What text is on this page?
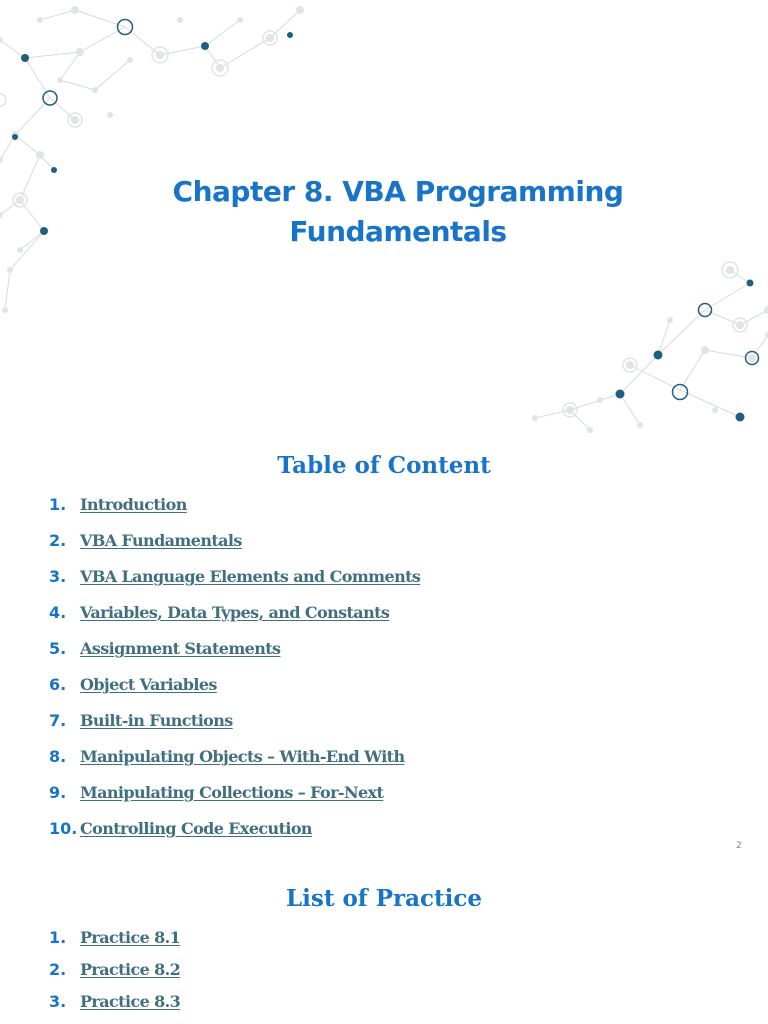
Chapter 8. VBA Programming Fundamentals
Table of Content
1. Introduction
2. VBA Fundamentals
3. VBA Language Elements and Comments
4. Variables, Data Types, and Constants
5. Assignment Statements
6. Object Variables
7. Built-in Functions
8. Manipulating Objects – With-End With
9. Manipulating Collections – For-Next
10. Controlling Code Execution
2
List of Practice
1. Practice 8.1
2. Practice 8.2
3. Practice 8.3
